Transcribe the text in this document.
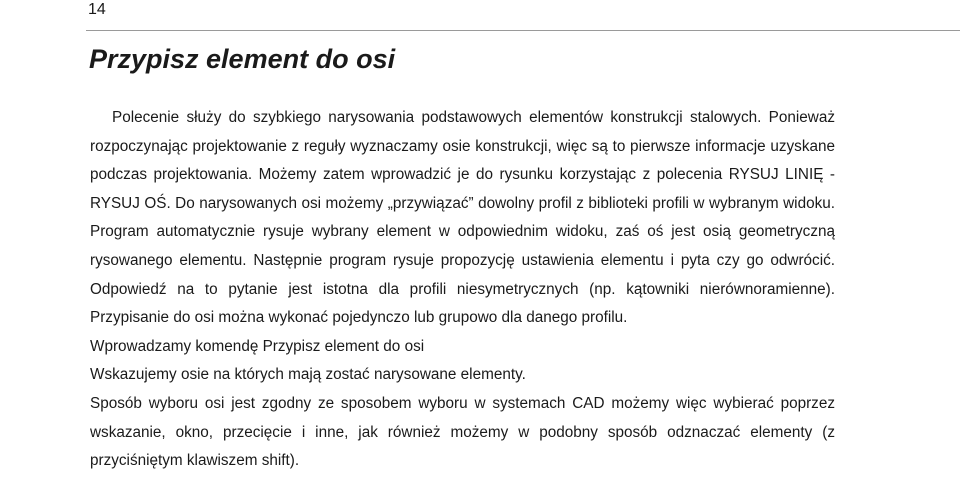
14
Przypisz element do osi

Polecenie służy do szybkiego narysowania podstawowych elementów konstrukcji stalowych. Ponieważ rozpoczynając projektowanie z reguły wyznaczamy osie konstrukcji, więc są to pierwsze informacje uzyskane podczas projektowania. Możemy zatem wprowadzić je do rysunku korzystając z polecenia RYSUJ LINIĘ - RYSUJ OŚ. Do narysowanych osi możemy „przywiązać” dowolny profil z biblioteki profili w wybranym widoku. Program automatycznie rysuje wybrany element w odpowiednim widoku, zaś oś jest osią geometryczną rysowanego elementu. Następnie program rysuje propozycję ustawienia elementu i pyta czy go odwrócić. Odpowiedź na to pytanie jest istotna dla profili niesymetrycznych (np. kątowniki nierównoramienne). Przypisanie do osi można wykonać pojedynczo lub grupowo dla danego profilu.

Wprowadzamy komendę Przypisz element do osi

Wskazujemy osie na których mają zostać narysowane elementy.

Sposób wyboru osi jest zgodny ze sposobem wyboru w systemach CAD możemy więc wybierać poprzez wskazanie, okno, przecięcie i inne, jak również możemy w podobny sposób odznaczać elementy (z przyciśniętym klawiszem shift).
